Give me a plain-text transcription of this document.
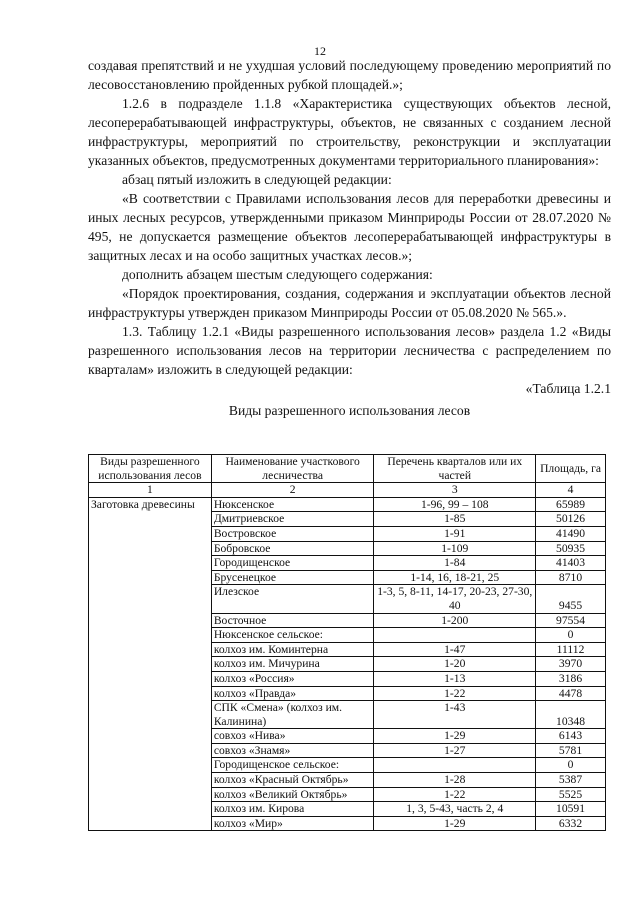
12

создавая препятствий и не ухудшая условий последующему проведению мероприятий по лесовосстановлению пройденных рубкой площадей.»;

1.2.6 в подразделе 1.1.8 «Характеристика существующих объектов лесной, лесоперерабатывающей инфраструктуры, объектов, не связанных с созданием лесной инфраструктуры, мероприятий по строительству, реконструкции и эксплуатации указанных объектов, предусмотренных документами территориального планирования»:

абзац пятый изложить в следующей редакции:

«В соответствии с Правилами использования лесов для переработки древесины и иных лесных ресурсов, утвержденными приказом Минприроды России от 28.07.2020 № 495, не допускается размещение объектов лесоперерабатывающей инфраструктуры в защитных лесах и на особо защитных участках лесов.»;

дополнить абзацем шестым следующего содержания:

«Порядок проектирования, создания, содержания и эксплуатации объектов лесной инфраструктуры утвержден приказом Минприроды России от 05.08.2020 № 565.».

1.3. Таблицу 1.2.1 «Виды разрешенного использования лесов» раздела 1.2 «Виды разрешенного использования лесов на территории лесничества с распределением по кварталам» изложить в следующей редакции:

«Таблица 1.2.1

Виды разрешенного использования лесов

Виды разрешенного использования лесов	Наименование участкового лесничества	Перечень кварталов или их частей	Площадь, га
1	2	3	4
Заготовка древесины	Нюксенское	1-96, 99 – 108	65989
	Дмитриевское	1-85	50126
	Востровское	1-91	41490
	Бобровское	1-109	50935
	Городищенское	1-84	41403
	Брусенецкое	1-14, 16, 18-21, 25	8710
	Илезское	1-3, 5, 8-11, 14-17, 20-23, 27-30, 40	9455
	Восточное	1-200	97554
	Нюксенское сельское:		0
	колхоз им. Коминтерна	1-47	11112
	колхоз им. Мичурина	1-20	3970
	колхоз «Россия»	1-13	3186
	колхоз «Правда»	1-22	4478
	СПК «Смена» (колхоз им. Калинина)	1-43	10348
	совхоз «Нива»	1-29	6143
	совхоз «Знамя»	1-27	5781
	Городищенское сельское:		0
	колхоз «Красный Октябрь»	1-28	5387
	колхоз «Великий Октябрь»	1-22	5525
	колхоз им. Кирова	1, 3, 5-43, часть 2, 4	10591
	колхоз «Мир»	1-29	6332
